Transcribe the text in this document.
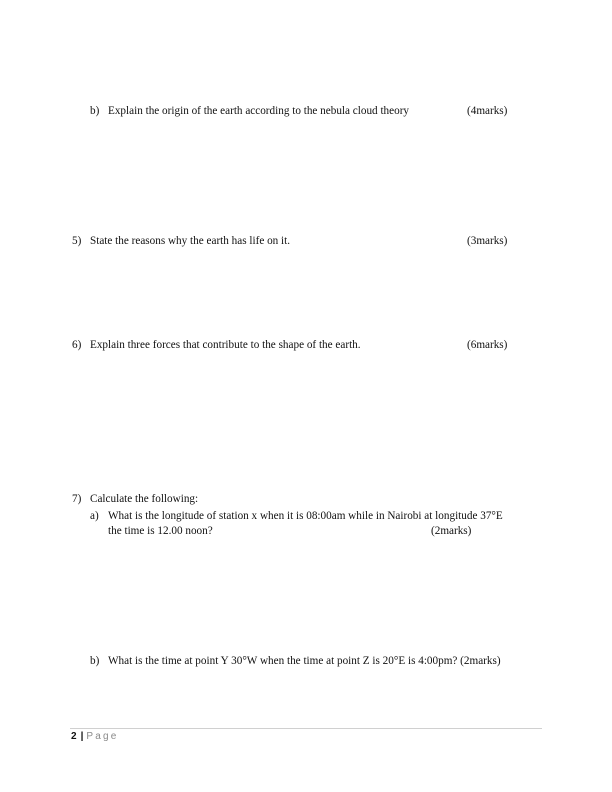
b) Explain the origin of the earth according to the nebula cloud theory	(4marks)
5) State the reasons why the earth has life on it.	(3marks)
6) Explain three forces that contribute to the shape of the earth.	(6marks)
7) Calculate the following:
a) What is the longitude of station x when it is 08:00am while in Nairobi at longitude 37°E
the time is 12.00 noon?	(2marks)
b) What is the time at point Y 30°W when the time at point Z is 20°E is 4:00pm? (2marks)
2 | Page
